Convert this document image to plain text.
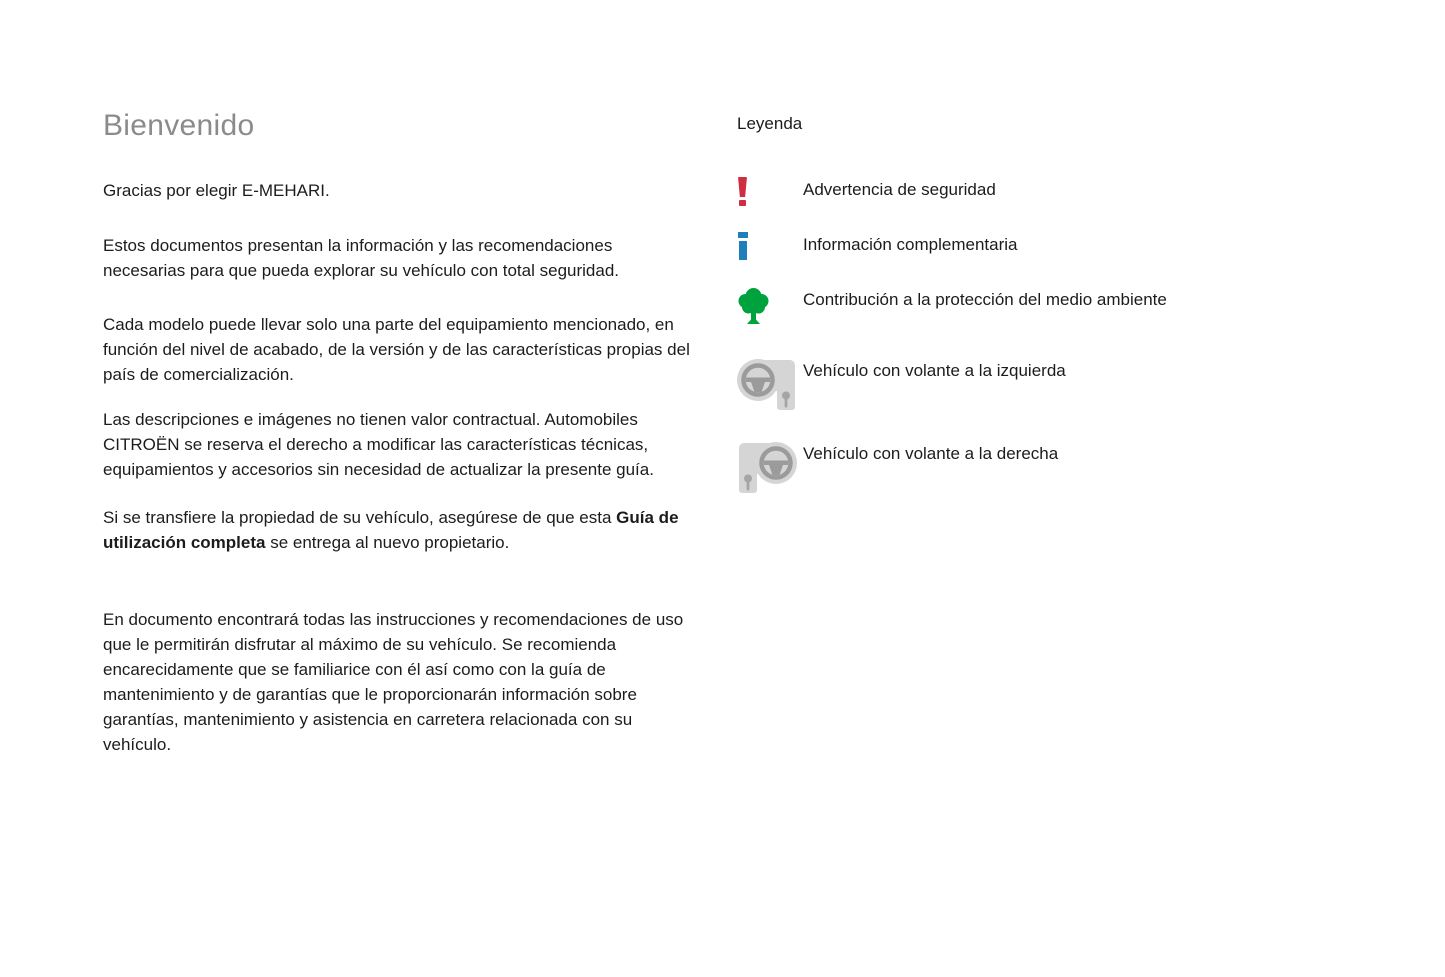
Bienvenido

Gracias por elegir E-MEHARI.

Estos documentos presentan la información y las recomendaciones necesarias para que pueda explorar su vehículo con total seguridad.

Cada modelo puede llevar solo una parte del equipamiento mencionado, en función del nivel de acabado, de la versión y de las características propias del país de comercialización.

Las descripciones e imágenes no tienen valor contractual. Automobiles CITROËN se reserva el derecho a modificar las características técnicas, equipamientos y accesorios sin necesidad de actualizar la presente guía.

Si se transfiere la propiedad de su vehículo, asegúrese de que esta Guía de utilización completa se entrega al nuevo propietario.

En documento encontrará todas las instrucciones y recomendaciones de uso que le permitirán disfrutar al máximo de su vehículo. Se recomienda encarecidamente que se familiarice con él así como con la guía de mantenimiento y de garantías que le proporcionarán información sobre garantías, mantenimiento y asistencia en carretera relacionada con su vehículo.

Leyenda
Advertencia de seguridad
Información complementaria
Contribución a la protección del medio ambiente
Vehículo con volante a la izquierda
Vehículo con volante a la derecha
